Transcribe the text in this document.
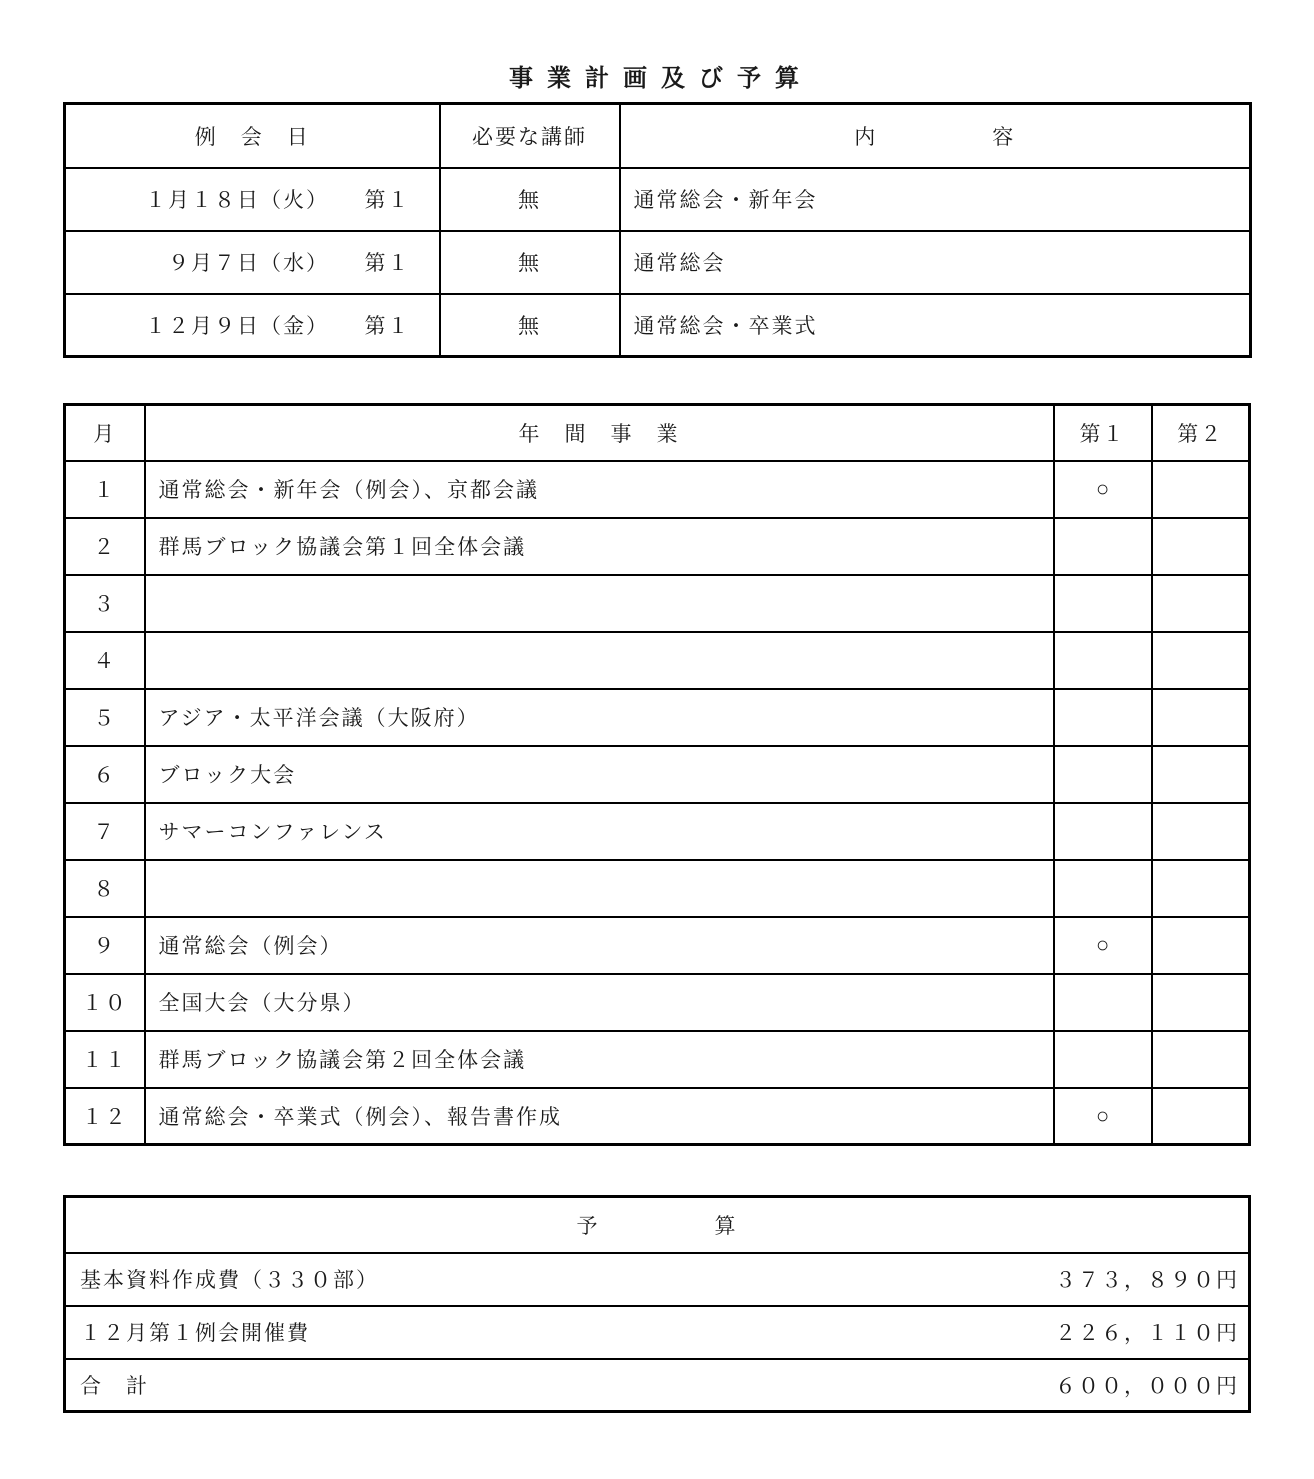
事 業 計 画 及 び 予 算
例　会　日	必要な講師	内　　　　　容
１月１８日（火）　　第１	無	通常総会・新年会
９月７日（水）　　第１	無	通常総会
１２月９日（金）　　第１	無	通常総会・卒業式
月	年　間　事　業	第１	第２
１	通常総会・新年会（例会）、京都会議	○	
２	群馬ブロック協議会第１回全体会議		
３			
４			
５	アジア・太平洋会議（大阪府）		
６	ブロック大会		
７	サマーコンファレンス		
８			
９	通常総会（例会）	○	
１０	全国大会（大分県）		
１１	群馬ブロック協議会第２回全体会議		
１２	通常総会・卒業式（例会）、報告書作成	○	
予　　　　　算	
基本資料作成費（３３０部）	３７３，８９０円
１２月第１例会開催費	２２６，１１０円
合　計	６００，０００円
